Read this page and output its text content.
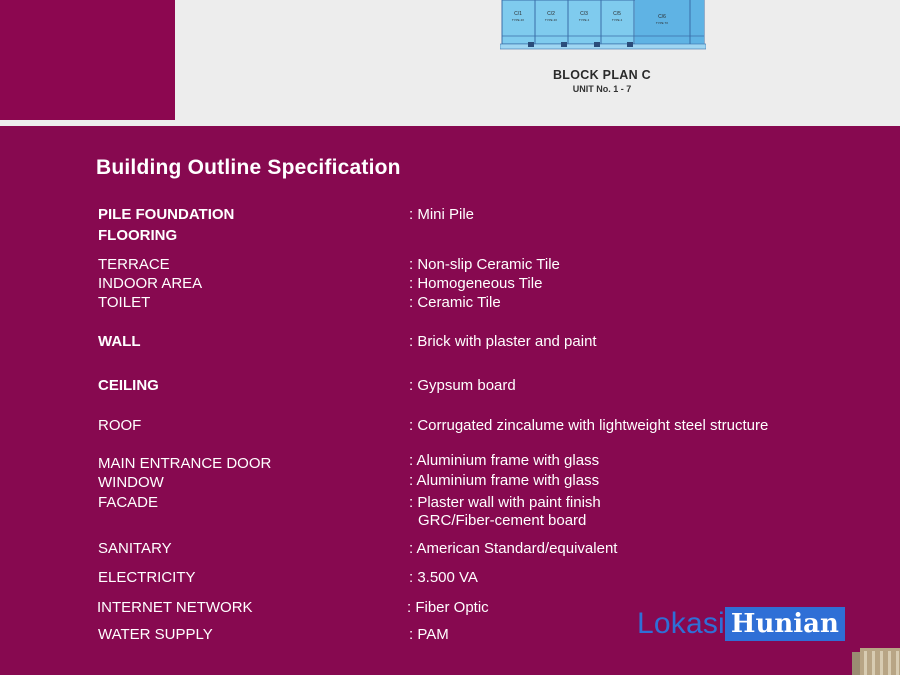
C/1
TYPE 4X
C/2
TYPE 4X
C/3
TYPE 4
C/5
TYPE 4	C/6
TYPE 7X
BLOCK PLAN C
UNIT No. 1 - 7
Building Outline Specification
PILE FOUNDATION	: Mini Pile
FLOORING
TERRACE	: Non-slip Ceramic Tile
INDOOR AREA	: Homogeneous Tile
TOILET	: Ceramic Tile
WALL	: Brick with plaster and paint
CEILING	: Gypsum board
ROOF	: Corrugated zincalume with lightweight steel structure
MAIN ENTRANCE DOOR	: Aluminium frame with glass
WINDOW	: Aluminium frame with glass
FACADE	: Plaster wall with paint finish
GRC/Fiber-cement board
SANITARY	: American Standard/equivalent
ELECTRICITY	: 3.500 VA
INTERNET NETWORK	: Fiber Optic
WATER SUPPLY	: PAM	Lokasi Hunian
